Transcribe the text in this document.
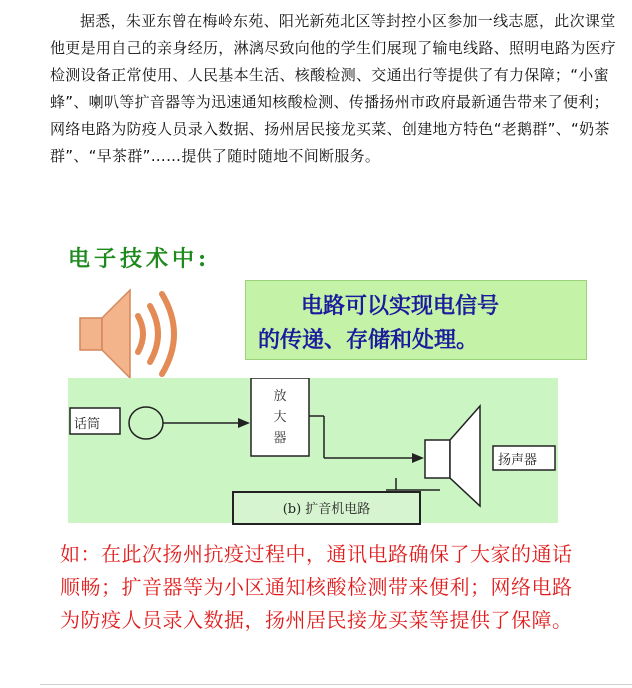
据悉，朱亚东曾在梅岭东苑、阳光新苑北区等封控小区参加一线志愿，此次课堂他更是用自己的亲身经历，淋漓尽致向他的学生们展现了输电线路、照明电路为医疗检测设备正常使用、人民基本生活、核酸检测、交通出行等提供了有力保障；“小蜜蜂”、喇叭等扩音器等为迅速通知核酸检测、传播扬州市政府最新通告带来了便利；网络电路为防疫人员录入数据、扬州居民接龙买菜、创建地方特色“老鹅群”、“奶茶群”、“早茶群”……提供了随时随地不间断服务。
电子技术中:
电路可以实现电信号
的传递、存储和处理。
话筒
放
大
器
扬声器
(b) 扩音机电路
如：在此次扬州抗疫过程中，通讯电路确保了大家的通话顺畅；扩音器等为小区通知核酸检测带来便利；网络电路为防疫人员录入数据，扬州居民接龙买菜等提供了保障。
